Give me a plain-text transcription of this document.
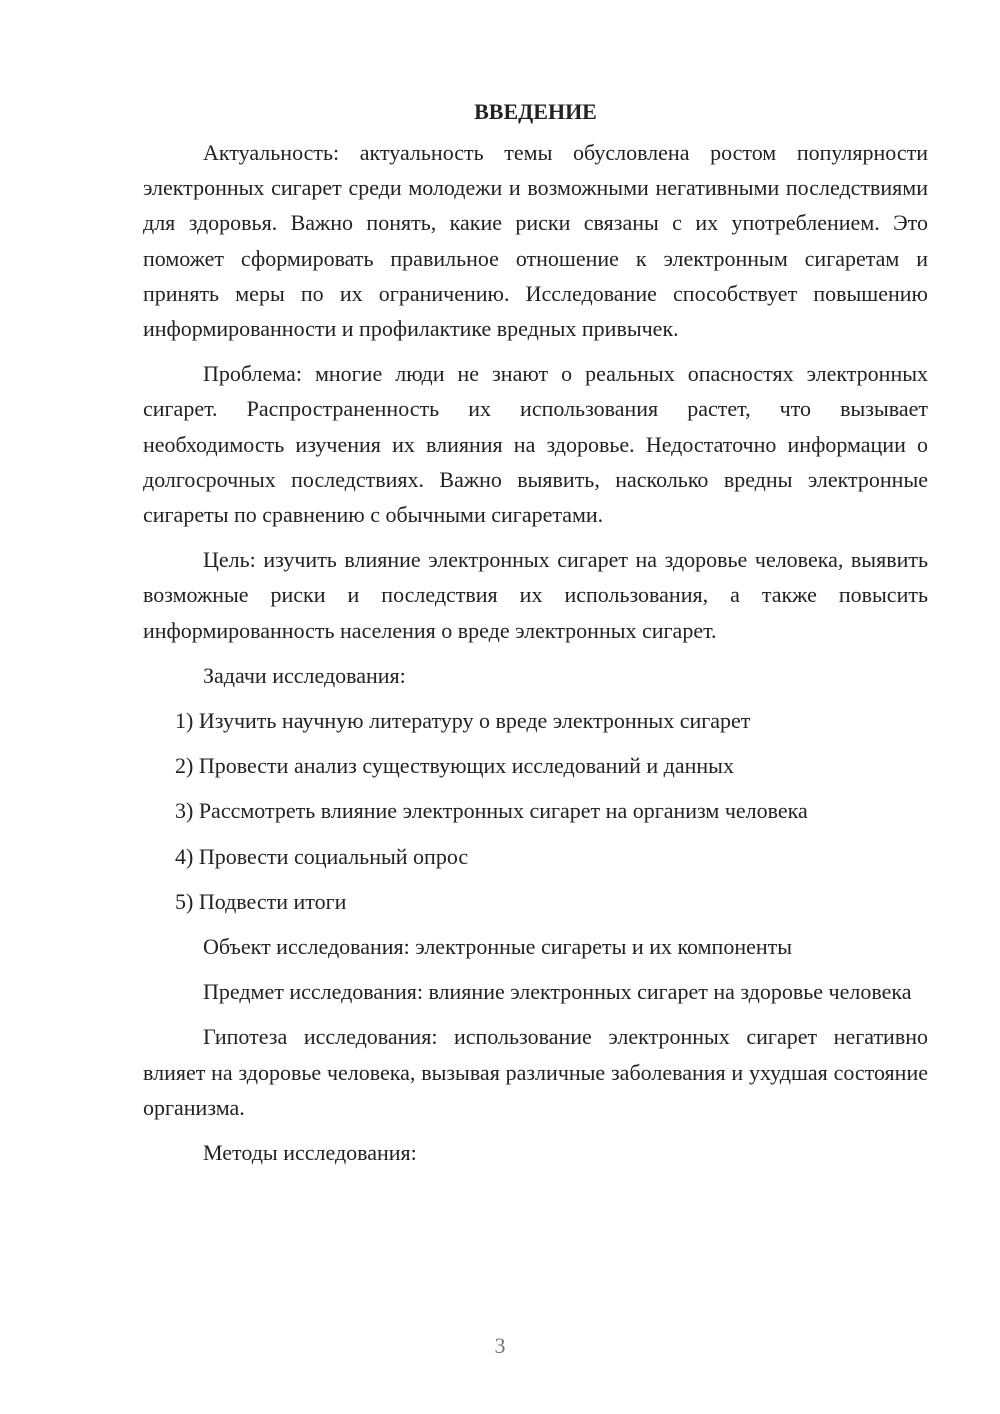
ВВЕДЕНИЕ

Актуальность: актуальность темы обусловлена ростом популярности электронных сигарет среди молодежи и возможными негативными последствиями для здоровья. Важно понять, какие риски связаны с их употреблением. Это поможет сформировать правильное отношение к электронным сигаретам и принять меры по их ограничению. Исследование способствует повышению информированности и профилактике вредных привычек.

Проблема: многие люди не знают о реальных опасностях электронных сигарет. Распространенность их использования растет, что вызывает необходимость изучения их влияния на здоровье. Недостаточно информации о долгосрочных последствиях. Важно выявить, насколько вредны электронные сигареты по сравнению с обычными сигаретами.

Цель: изучить влияние электронных сигарет на здоровье человека, выявить возможные риски и последствия их использования, а также повысить информированность населения о вреде электронных сигарет.

Задачи исследования:

1) Изучить научную литературу о вреде электронных сигарет
2) Провести анализ существующих исследований и данных
3) Рассмотреть влияние электронных сигарет на организм человека
4) Провести социальный опрос
5) Подвести итоги

Объект исследования: электронные сигареты и их компоненты

Предмет исследования: влияние электронных сигарет на здоровье человека

Гипотеза исследования: использование электронных сигарет негативно влияет на здоровье человека, вызывая различные заболевания и ухудшая состояние организма.

Методы исследования:

3
